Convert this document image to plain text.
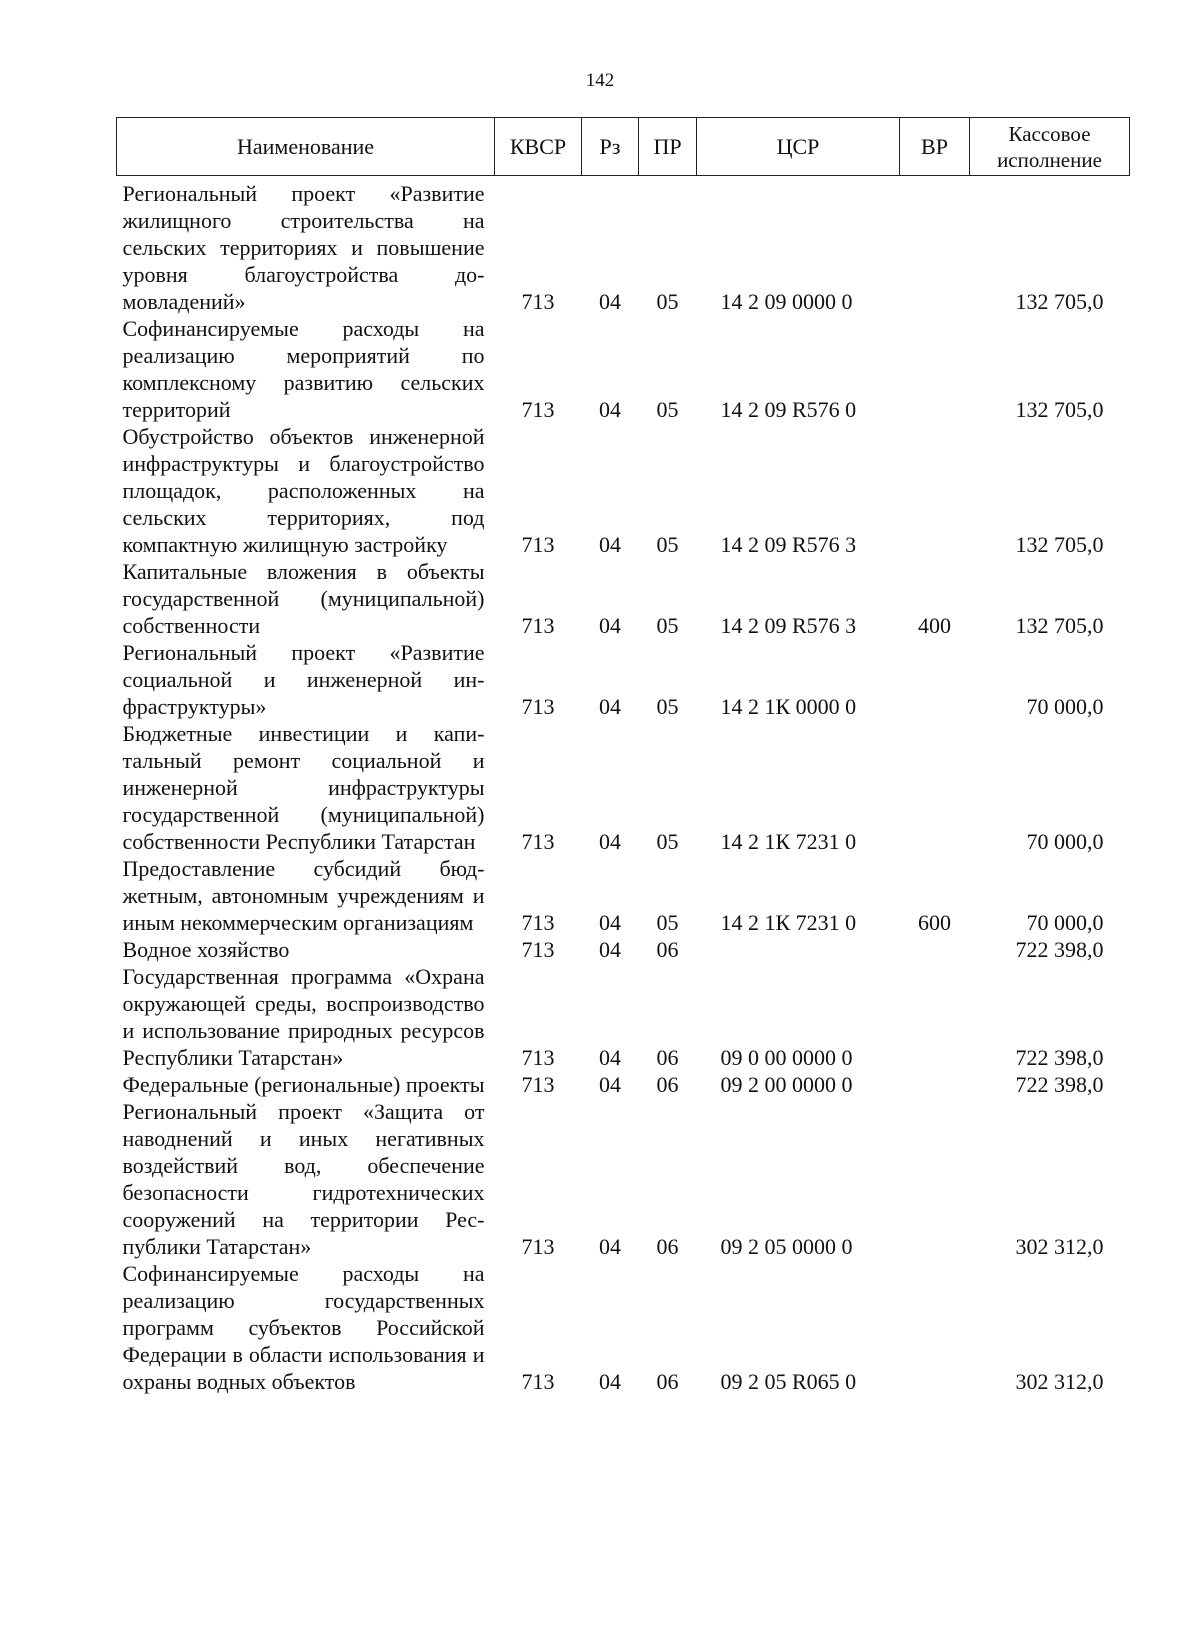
142
Наименование	КВСР	Рз	ПР	ЦСР	ВР	Кассовое исполнение
Региональный проект «Развитие жилищного строительства на сельских территориях и повышение уровня благоустройства домовладений»	713	04	05	14 2 09 0000 0		132 705,0
Софинансируемые расходы на реализацию мероприятий по комплексному развитию сельских территорий	713	04	05	14 2 09 R576 0		132 705,0
Обустройство объектов инженерной инфраструктуры и благоустройство площадок, расположенных на сельских территориях, под компактную жилищную застройку	713	04	05	14 2 09 R576 3		132 705,0
Капитальные вложения в объекты государственной (муниципальной) собственности	713	04	05	14 2 09 R576 3	400	132 705,0
Региональный проект «Развитие социальной и инженерной инфраструктуры»	713	04	05	14 2 1К 0000 0		70 000,0
Бюджетные инвестиции и капитальный ремонт социальной и инженерной инфраструктуры государственной (муниципальной) собственности Республики Татарстан	713	04	05	14 2 1К 7231 0		70 000,0
Предоставление субсидий бюджетным, автономным учреждениям и иным некоммерческим организациям	713	04	05	14 2 1К 7231 0	600	70 000,0
Водное хозяйство	713	04	06			722 398,0
Государственная программа «Охрана окружающей среды, воспроизводство и использование природных ресурсов Республики Татарстан»	713	04	06	09 0 00 0000 0		722 398,0
Федеральные (региональные) проекты	713	04	06	09 2 00 0000 0		722 398,0
Региональный проект «Защита от наводнений и иных негативных воздействий вод, обеспечение безопасности гидротехнических сооружений на территории Республики Татарстан»	713	04	06	09 2 05 0000 0		302 312,0
Софинансируемые расходы на реализацию государственных программ субъектов Российской Федерации в области использования и охраны водных объектов	713	04	06	09 2 05 R065 0		302 312,0
